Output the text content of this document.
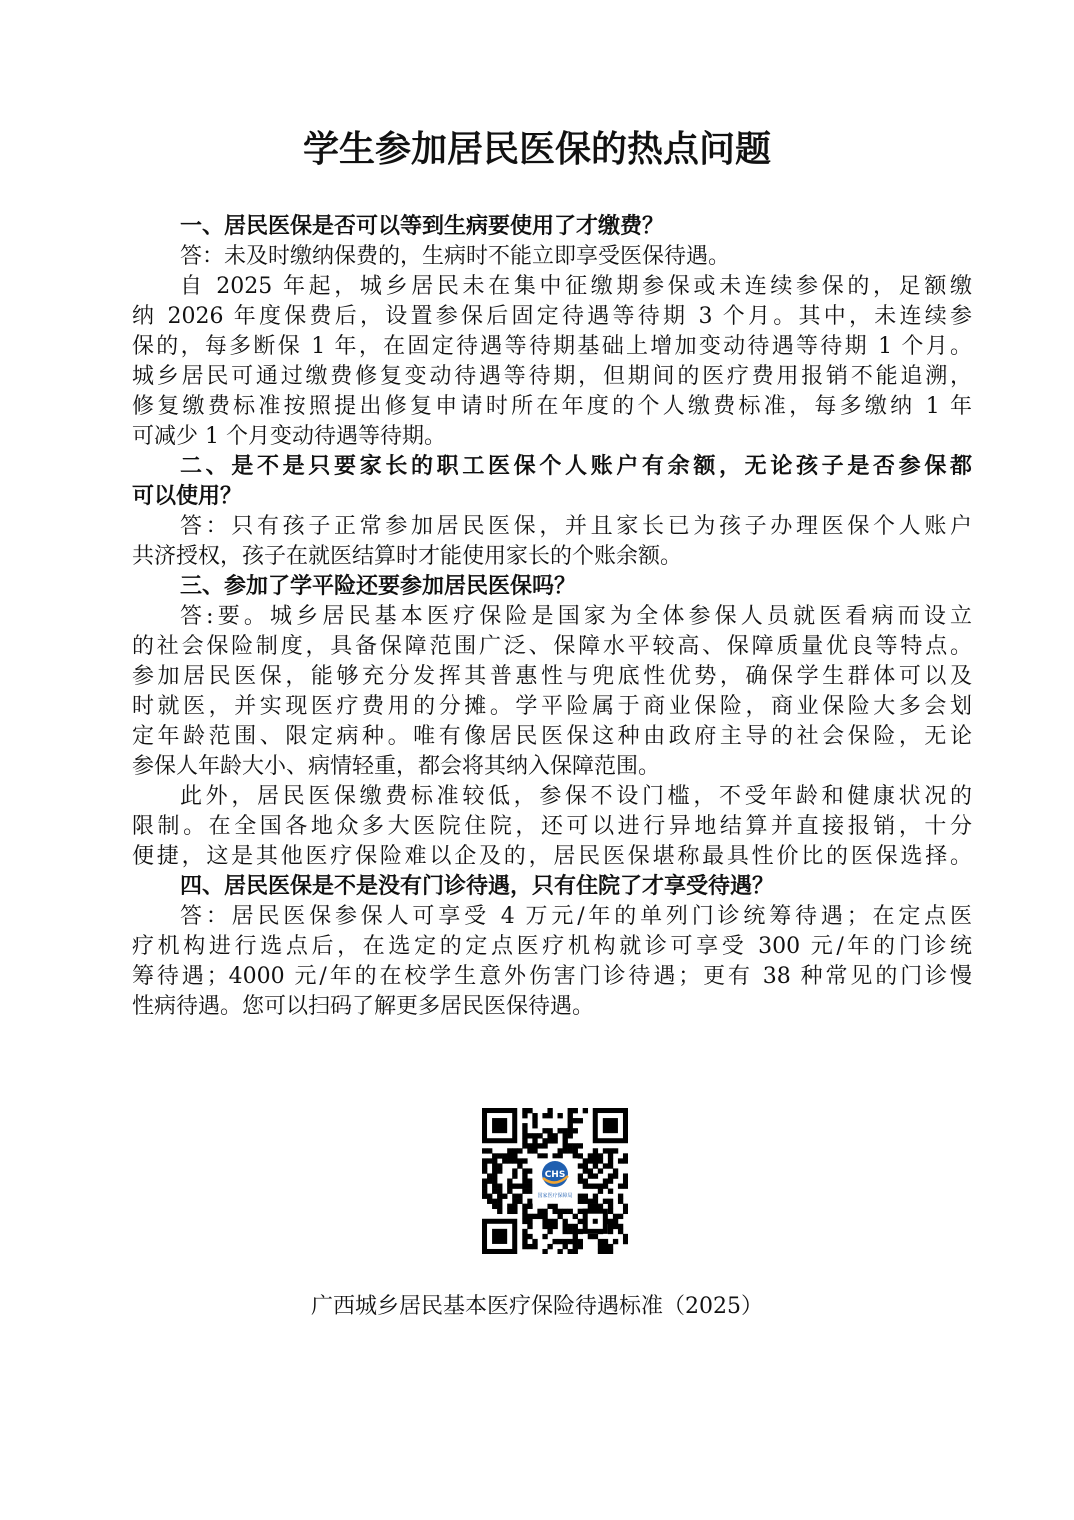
学生参加居民医保的热点问题
一、居民医保是否可以等到生病要使用了才缴费？
答：未及时缴纳保费的，生病时不能立即享受医保待遇。
自 2025 年起，城乡居民未在集中征缴期参保或未连续参保的，足额缴
纳 2026 年度保费后，设置参保后固定待遇等待期 3 个月。其中，未连续参
保的，每多断保 1 年，在固定待遇等待期基础上增加变动待遇等待期 1 个月。
城乡居民可通过缴费修复变动待遇等待期，但期间的医疗费用报销不能追溯，
修复缴费标准按照提出修复申请时所在年度的个人缴费标准，每多缴纳 1 年
可减少 1 个月变动待遇等待期。
二、是不是只要家长的职工医保个人账户有余额，无论孩子是否参保都
可以使用？
答：只有孩子正常参加居民医保，并且家长已为孩子办理医保个人账户
共济授权，孩子在就医结算时才能使用家长的个账余额。
三、参加了学平险还要参加居民医保吗？
答:要。城乡居民基本医疗保险是国家为全体参保人员就医看病而设立
的社会保险制度，具备保障范围广泛、保障水平较高、保障质量优良等特点。
参加居民医保，能够充分发挥其普惠性与兜底性优势，确保学生群体可以及
时就医，并实现医疗费用的分摊。学平险属于商业保险，商业保险大多会划
定年龄范围、限定病种。唯有像居民医保这种由政府主导的社会保险，无论
参保人年龄大小、病情轻重，都会将其纳入保障范围。
此外，居民医保缴费标准较低，参保不设门槛，不受年龄和健康状况的
限制。在全国各地众多大医院住院，还可以进行异地结算并直接报销，十分
便捷，这是其他医疗保险难以企及的，居民医保堪称最具性价比的医保选择。
四、居民医保是不是没有门诊待遇，只有住院了才享受待遇？
答：居民医保参保人可享受 4 万元/年的单列门诊统筹待遇；在定点医
疗机构进行选点后，在选定的定点医疗机构就诊可享受 300 元/年的门诊统
筹待遇；4000 元/年的在校学生意外伤害门诊待遇；更有 38 种常见的门诊慢
性病待遇。您可以扫码了解更多居民医保待遇。
CHS
国家医疗保障局
广西城乡居民基本医疗保险待遇标准（2025）
